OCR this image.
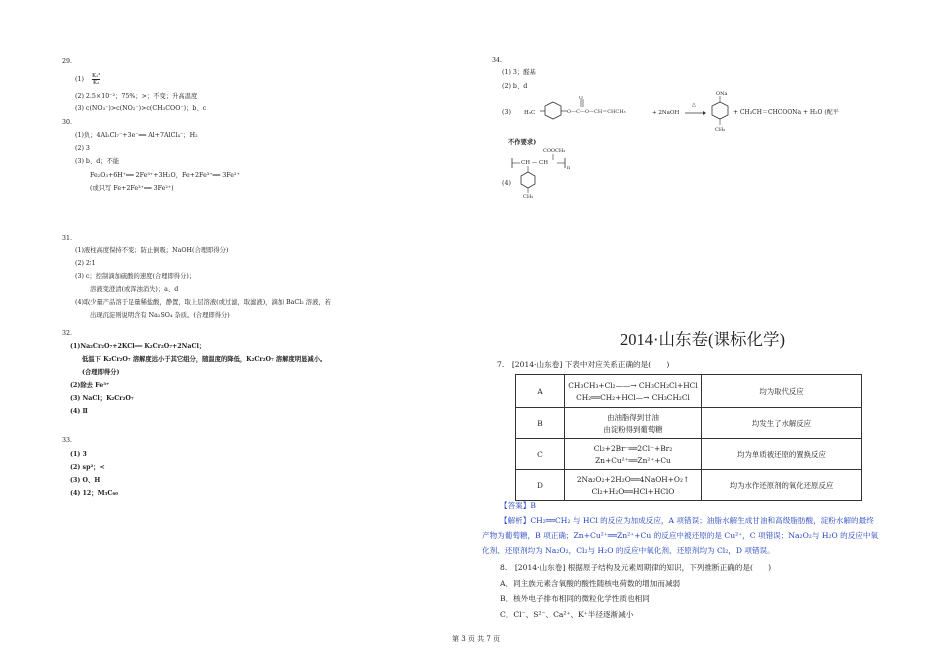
29.
$(1) \frac{\text{K₁²}}{\text{K₂}}$
(2) 2.5×10⁻²；75%；>；不变；升高温度
(3) c(NO₃⁻)>c(NO₂⁻)>c(CH₃COO⁻)；b、c
30.
(1)负；4Al₂Cl₇⁻+3e⁻══ Al+7AlCl₄⁻；H₂
(2) 3
(3) b、d；不能
Fe₂O₃+6H⁺══ 2Fe³⁺+3H₂O，Fe+2Fe³⁺══ 3Fe²⁺
(或只写 Fe+2Fe³⁺══ 3Fe²⁺)
31.
(1)液柱高度保持不变；防止倒吸；NaOH(合理即得分)
(2) 2∶1
(3) c；控制滴加硫酸的速度(合理即得分)；
溶液变澄清(或浑浊消失)；a、d
(4)取少量产品溶于足量稀盐酸，静置，取上层溶液(或过滤，取滤液)，滴加 BaCl₂ 溶液，若
出现沉淀则说明含有 Na₂SO₄ 杂质。(合理即得分)
32.
(1)Na₂Cr₂O₇+2KCl══ K₂Cr₂O₇+2NaCl；
低温下 K₂Cr₂O₇ 溶解度远小于其它组分，随温度的降低，K₂Cr₂O₇ 溶解度明显减小。
(合理即得分)
(2)除去 Fe³⁺
(3) NaCl；K₂Cr₂O₇
(4) Ⅱ
33.
(1) 3
(2) sp²；<
(3) O、H
(4) 12；M₃C₆₀
34.
(1) 3；醛基
(2) b、d
(3) H₃C	O—C—O—CH＝CHCH₃
O
+ 2NaOH
△
ONa
CH₃
+ CH₃CH＝CHCOONa + H₂O (配平
不作要求)
(4)
COOCH₃
CH — CH
n
CH₃
2014·山东卷(课标化学)
7.　[2014·山东卷] 下表中对应关系正确的是(　　)
A	CH₃CH₃+Cl₂——→ CH₃CH₂Cl+HCl
CH₂══CH₂+HCl—→ CH₃CH₂Cl	均为取代反应
B	由油脂得到甘油
由淀粉得到葡萄糖	均发生了水解反应
C	Cl₂+2Br⁻══2Cl⁻+Br₂
Zn+Cu²⁺══Zn²⁺+Cu	均为单质被还原的置换反应
D	2Na₂O₂+2H₂O══4NaOH+O₂↑
Cl₂+H₂O══HCl+HClO	均为水作还原剂的氧化还原反应
【答案】B
【解析】CH₂══CH₂ 与 HCl 的反应为加成反应，A 项错误；油脂水解生成甘油和高级脂肪酸，淀粉水解的最终
产物为葡萄糖，B 项正确；Zn+Cu²⁺══Zn²⁺+Cu 的反应中被还原的是 Cu²⁺，C 项错误；Na₂O₂与 H₂O 的反应中氧
化剂、还原剂均为 Na₂O₂，Cl₂与 H₂O 的反应中氧化剂、还原剂均为 Cl₂，D 项错误。
8.　[2014·山东卷] 根据原子结构及元素周期律的知识，下列推断正确的是(　　)
A．同主族元素含氧酸的酸性随核电荷数的增加而减弱
B．核外电子排布相同的微粒化学性质也相同
C．Cl⁻、S²⁻、Ca²⁺、K⁺半径逐渐减小
第 3 页 共 7 页
